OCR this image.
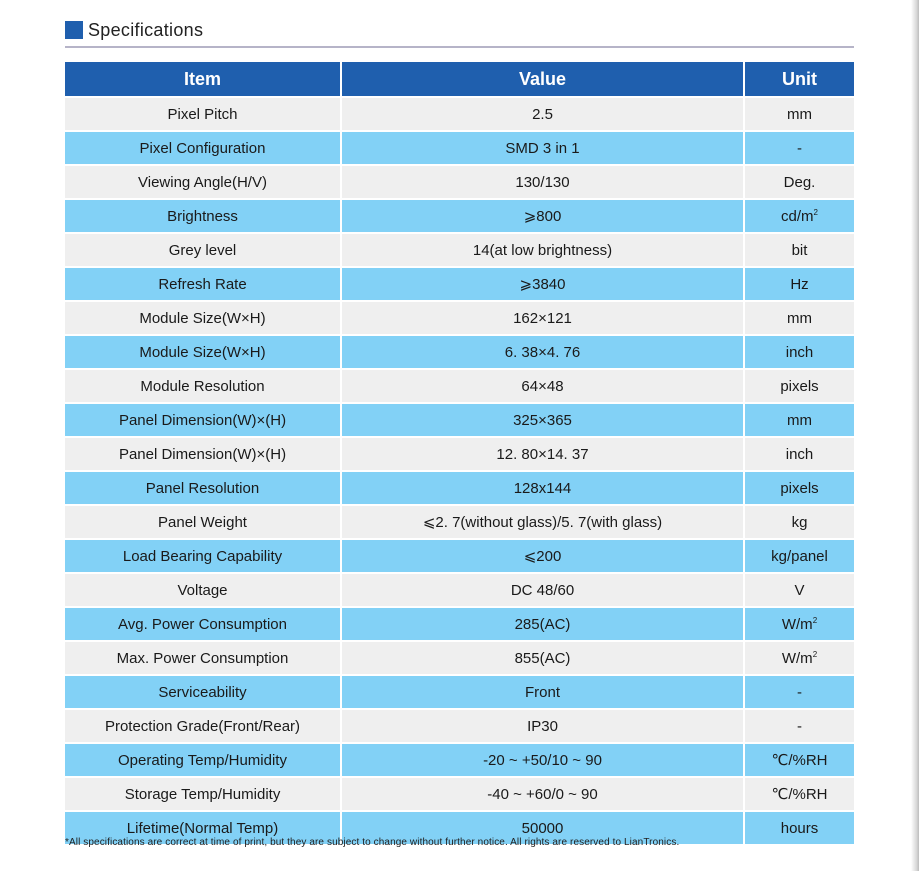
Specifications
Item	Value	Unit
Pixel Pitch	2.5	mm
Pixel Configuration	SMD 3 in 1	-
Viewing Angle(H/V)	130/130	Deg.
Brightness	⩾800	$cd/m^2$
Grey level	14(at low brightness)	bit
Refresh Rate	⩾3840	Hz
Module Size(W×H)	162×121	mm
Module Size(W×H)	6. 38×4. 76	inch
Module Resolution	64×48	pixels
Panel Dimension(W)×(H)	325×365	mm
Panel Dimension(W)×(H)	12. 80×14. 37	inch
Panel Resolution	128x144	pixels
Panel Weight	⩽2. 7(without glass)/5. 7(with glass)	kg
Load Bearing Capability	⩽200	kg/panel
Voltage	DC 48/60	V
Avg. Power Consumption	285(AC)	$W/m^2$
Max. Power Consumption	855(AC)	$W/m^2$
Serviceability	Front	-
Protection Grade(Front/Rear)	IP30	-
Operating Temp/Humidity	-20 ~ +50/10 ~ 90	℃/%RH
Storage Temp/Humidity	-40 ~ +60/0 ~ 90	℃/%RH
Lifetime(Normal Temp)	50000	hours
*All specifications are correct at time of print, but they are subject to change without further notice. All rights are reserved to LianTronics.
